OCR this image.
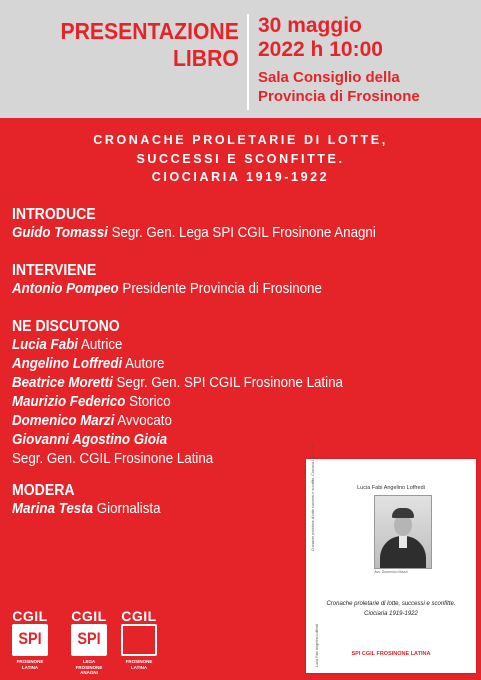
PRESENTAZIONE
LIBRO
30 maggio
2022 h 10:00
Sala Consiglio della
Provincia di Frosinone
CRONACHE PROLETARIE DI LOTTE,
SUCCESSI E SCONFITTE.
CIOCIARIA 1919-1922
INTRODUCE
Guido Tomassi Segr. Gen. Lega SPI CGIL Frosinone Anagni
INTERVIENE
Antonio Pompeo Presidente Provincia di Frosinone
NE DISCUTONO
Lucia Fabi Autrice
Angelino Loffredi Autore
Beatrice Moretti Segr. Gen. SPI CGIL Frosinone Latina
Maurizio Federico Storico
Domenico Marzi Avvocato
Giovanni Agostino Gioia
Segr. Gen. CGIL Frosinone Latina
MODERA
Marina Testa Giornalista	Cronache proletarie di lotte successi e sconfitte. Ciociaria 1919 - 1922
Lucia Fabi Angelino Loffredi
Lucia Fabi Angelino Loffredi
Avv. Domenico Mazzi
Cronache proletarie di lotte, successi e sconfitte.
Ciociaria 1919-1922
SPI CGIL FROSINONE LATINA
CGIL
SPI
FROSINONE
LATINA
CGIL
SPI
LEGA
FROSINONE
ANAGNI
CGIL
FROSINONE
LATINA
